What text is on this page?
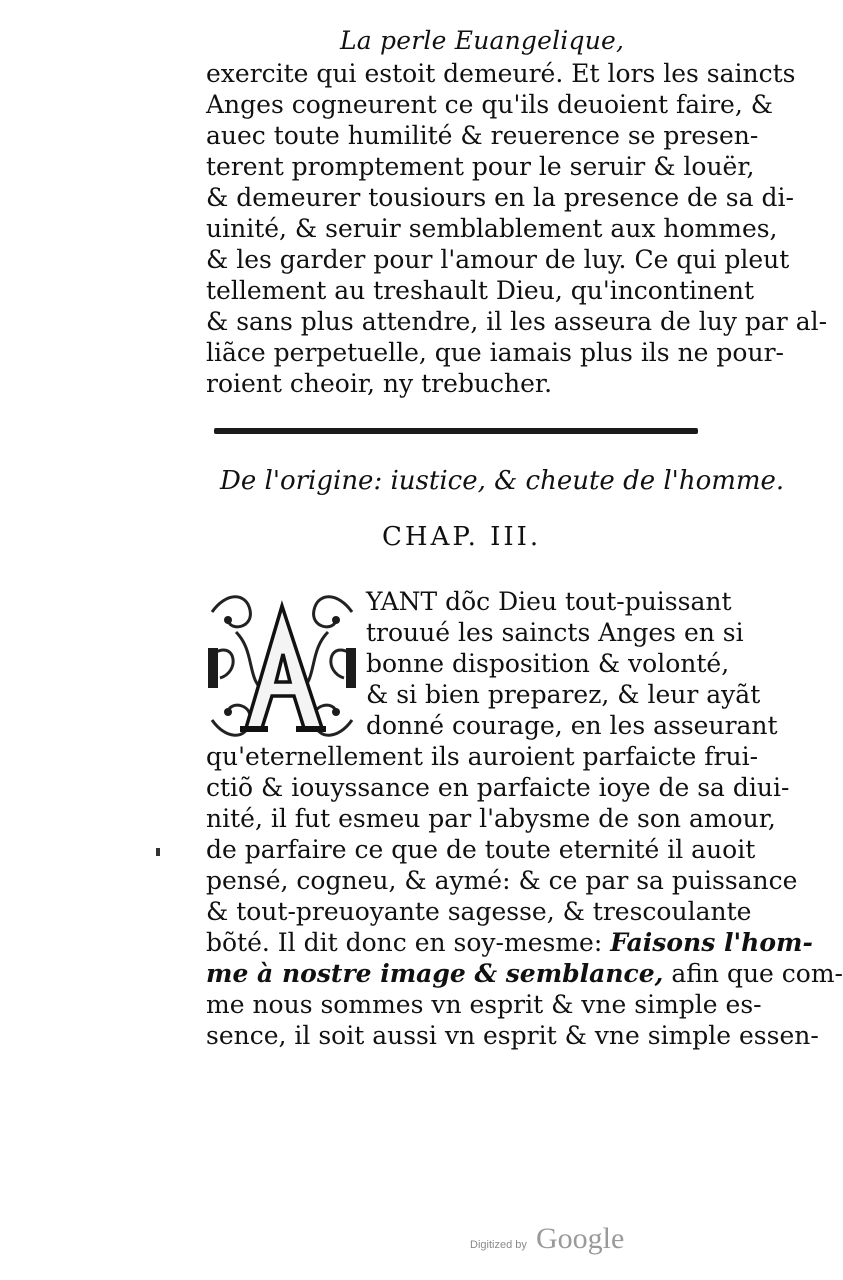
La perle Euangelique,
exercite qui estoit demeuré. Et lors les saincts
Anges cogneurent ce qu'ils deuoient faire, &
auec toute humilité & reuerence se presen-
terent promptement pour le seruir & louër,
& demeurer tousiours en la presence de sa di-
uinité, & seruir semblablement aux hommes,
& les garder pour l'amour de luy. Ce qui pleut
tellement au treshault Dieu, qu'incontinent
& sans plus attendre, il les asseura de luy par al-
liãce perpetuelle, que iamais plus ils ne pour-
roient cheoir, ny trebucher.
De l'origine: iustice, & cheute de l'homme.
CHAP. III.
YANT dõc Dieu tout-puissant
trouué les saincts Anges en si
bonne disposition & volonté,
& si bien preparez, & leur ayãt
donné courage, en les asseurant
qu'eternellement ils auroient parfaicte frui-
ctiõ & iouyssance en parfaicte ioye de sa diui-
nité, il fut esmeu par l'abysme de son amour,
de parfaire ce que de toute eternité il auoit
pensé, cogneu, & aymé: & ce par sa puissance
& tout-preuoyante sagesse, & trescoulante
bõté. Il dit donc en soy-mesme: Faisons l'hom-
me à nostre image & semblance, afin que com-
me nous sommes vn esprit & vne simple es-
sence, il soit aussi vn esprit & vne simple essen-
Digitized by Google
